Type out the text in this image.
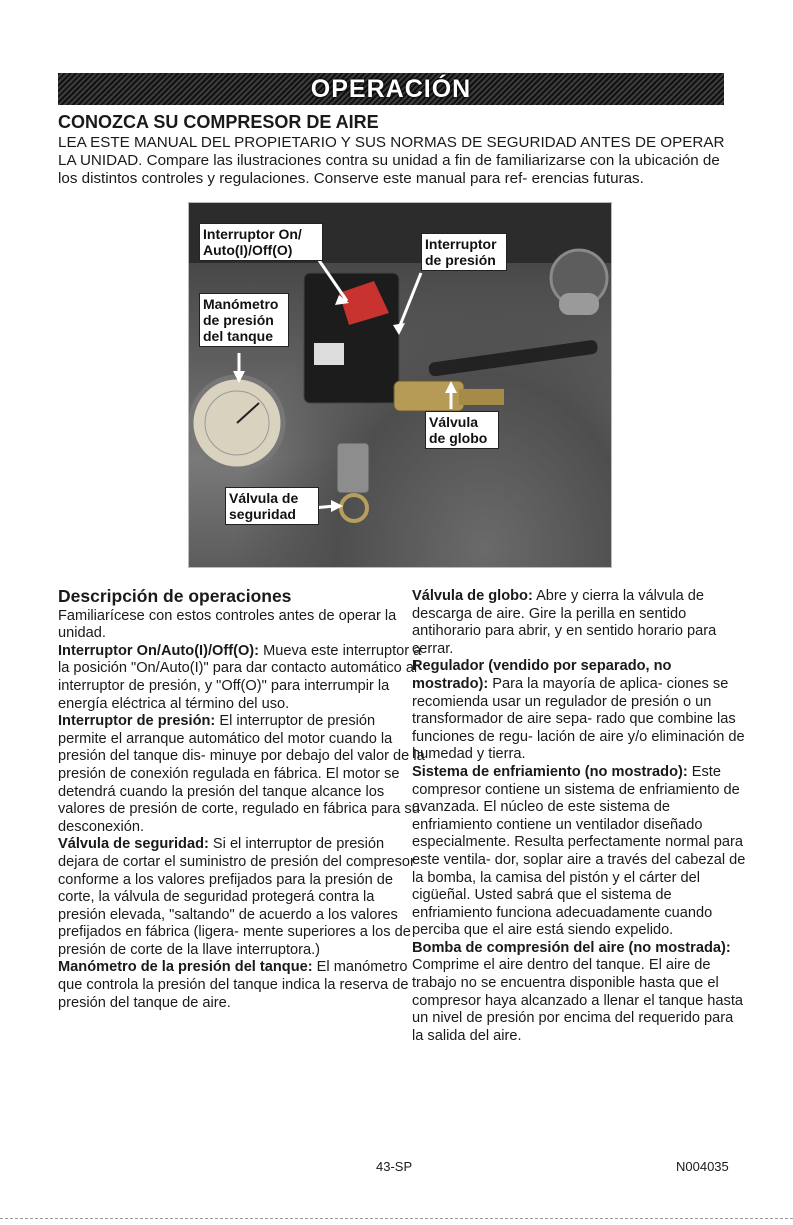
OPERACIÓN
CONOZCA SU COMPRESOR DE AIRE

LEA ESTE MANUAL DEL PROPIETARIO Y SUS NORMAS DE SEGURIDAD ANTES DE OPERAR LA UNIDAD. Compare las ilustraciones contra su unidad a fin de familiarizarse con la ubicación de los distintos controles y regulaciones. Conserve este manual para ref- erencias futuras.

Interruptor On/ Auto(I)/Off(O)	Interruptor de presión
Manómetro de presión del tanque
Válvula de globo
Válvula de seguridad
Descripción de operaciones

Familiarícese con estos controles antes de operar la unidad.

Interruptor On/Auto(I)/Off(O): Mueva este interruptor a la posición "On/Auto(I)" para dar contacto automático al interruptor de presión, y "Off(O)" para interrumpir la energía eléctrica al término del uso.

Interruptor de presión: El interruptor de presión permite el arranque automático del motor cuando la presión del tanque dis- minuye por debajo del valor de la presión de conexión regulada en fábrica. El motor se detendrá cuando la presión del tanque alcance los valores de presión de corte, regulado en fábrica para su desconexión.

Válvula de seguridad: Si el interruptor de presión dejara de cortar el suministro de presión del compresor conforme a los valores prefijados para la presión de corte, la válvula de seguridad protegerá contra la presión elevada, "saltando" de acuerdo a los valores prefijados en fábrica (ligera- mente superiores a los de presión de corte de la llave interruptora.)

Manómetro de la presión del tanque: El manómetro que controla la presión del tanque indica la reserva de presión del tanque de aire.

Válvula de globo: Abre y cierra la válvula de descarga de aire. Gire la perilla en sentido antihorario para abrir, y en sentido horario para cerrar.

Regulador (vendido por separado, no mostrado): Para la mayoría de aplica- ciones se recomienda usar un regulador de presión o un transformador de aire sepa- rado que combine las funciones de regu- lación de aire y/o eliminación de humedad y tierra.

Sistema de enfriamiento (no mostrado): Este compresor contiene un sistema de enfriamiento de avanzada. El núcleo de este sistema de enfriamiento contiene un ventilador diseñado especialmente. Resulta perfectamente normal para este ventila- dor, soplar aire a través del cabezal de la bomba, la camisa del pistón y el cárter del cigüeñal. Usted sabrá que el sistema de enfriamiento funciona adecuadamente cuando perciba que el aire está siendo expelido.

Bomba de compresión del aire (no mostrada): Comprime el aire dentro del tanque. El aire de trabajo no se encuentra disponible hasta que el compresor haya alcanzado a llenar el tanque hasta un nivel de presión por encima del requerido para la salida del aire.

43-SP	N004035
